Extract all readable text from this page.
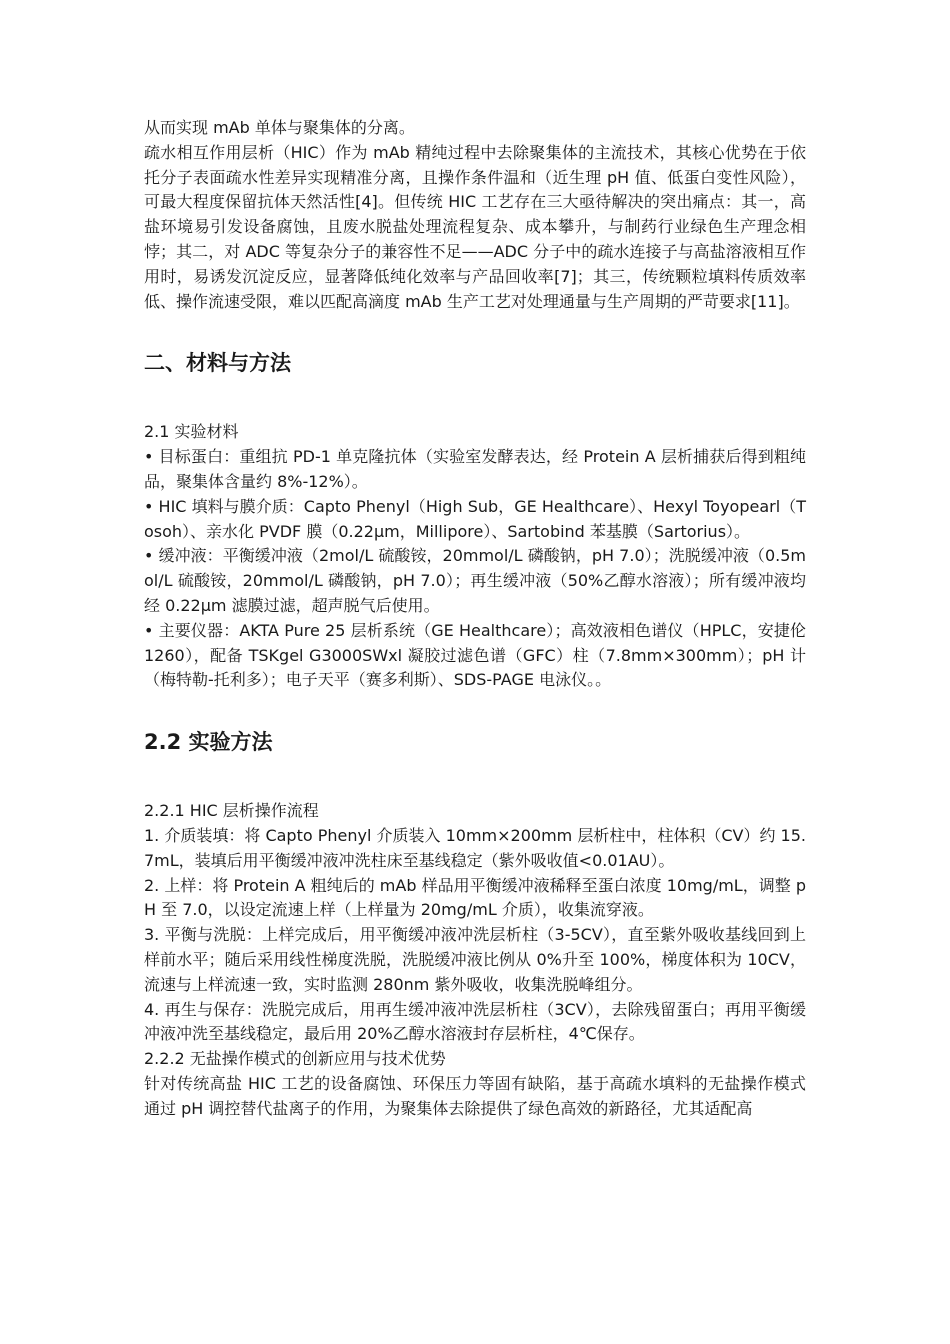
从而实现 mAb 单体与聚集体的分离。

疏水相互作用层析（HIC）作为 mAb 精纯过程中去除聚集体的主流技术，其核心优势在于依托分子表面疏水性差异实现精准分离，且操作条件温和（近生理 pH 值、低蛋白变性风险），可最大程度保留抗体天然活性[4]。但传统 HIC 工艺存在三大亟待解决的突出痛点：其一，高盐环境易引发设备腐蚀，且废水脱盐处理流程复杂、成本攀升，与制药行业绿色生产理念相悖；其二，对 ADC 等复杂分子的兼容性不足——ADC 分子中的疏水连接子与高盐溶液相互作用时，易诱发沉淀反应，显著降低纯化效率与产品回收率[7]；其三，传统颗粒填料传质效率低、操作流速受限，难以匹配高滴度 mAb 生产工艺对处理通量与生产周期的严苛要求[11]。

二、材料与方法

2.1 实验材料

• 目标蛋白：重组抗 PD-1 单克隆抗体（实验室发酵表达，经 Protein A 层析捕获后得到粗纯品，聚集体含量约 8%-12%）。

• HIC 填料与膜介质：Capto Phenyl（High Sub，GE Healthcare）、Hexyl Toyopearl（Tosoh）、亲水化 PVDF 膜（0.22μm，Millipore）、Sartobind 苯基膜（Sartorius）。

• 缓冲液：平衡缓冲液（2mol/L 硫酸铵，20mmol/L 磷酸钠，pH 7.0）；洗脱缓冲液（0.5mol/L 硫酸铵，20mmol/L 磷酸钠，pH 7.0）；再生缓冲液（50%乙醇水溶液）；所有缓冲液均经 0.22μm 滤膜过滤，超声脱气后使用。

• 主要仪器：AKTA Pure 25 层析系统（GE Healthcare）；高效液相色谱仪（HPLC，安捷伦 1260），配备 TSKgel G3000SWxl 凝胶过滤色谱（GFC）柱（7.8mm×300mm）；pH 计（梅特勒-托利多）；电子天平（赛多利斯）、SDS-PAGE 电泳仪。。

2.2 实验方法

2.2.1 HIC 层析操作流程

1. 介质装填：将 Capto Phenyl 介质装入 10mm×200mm 层析柱中，柱体积（CV）约 15.7mL，装填后用平衡缓冲液冲洗柱床至基线稳定（紫外吸收值<0.01AU）。

2. 上样：将 Protein A 粗纯后的 mAb 样品用平衡缓冲液稀释至蛋白浓度 10mg/mL，调整 pH 至 7.0，以设定流速上样（上样量为 20mg/mL 介质），收集流穿液。

3. 平衡与洗脱：上样完成后，用平衡缓冲液冲洗层析柱（3-5CV），直至紫外吸收基线回到上样前水平；随后采用线性梯度洗脱，洗脱缓冲液比例从 0%升至 100%，梯度体积为 10CV，流速与上样流速一致，实时监测 280nm 紫外吸收，收集洗脱峰组分。

4. 再生与保存：洗脱完成后，用再生缓冲液冲洗层析柱（3CV），去除残留蛋白；再用平衡缓冲液冲洗至基线稳定，最后用 20%乙醇水溶液封存层析柱，4℃保存。

2.2.2 无盐操作模式的创新应用与技术优势

针对传统高盐 HIC 工艺的设备腐蚀、环保压力等固有缺陷，基于高疏水填料的无盐操作模式通过 pH 调控替代盐离子的作用，为聚集体去除提供了绿色高效的新路径，尤其适配高
